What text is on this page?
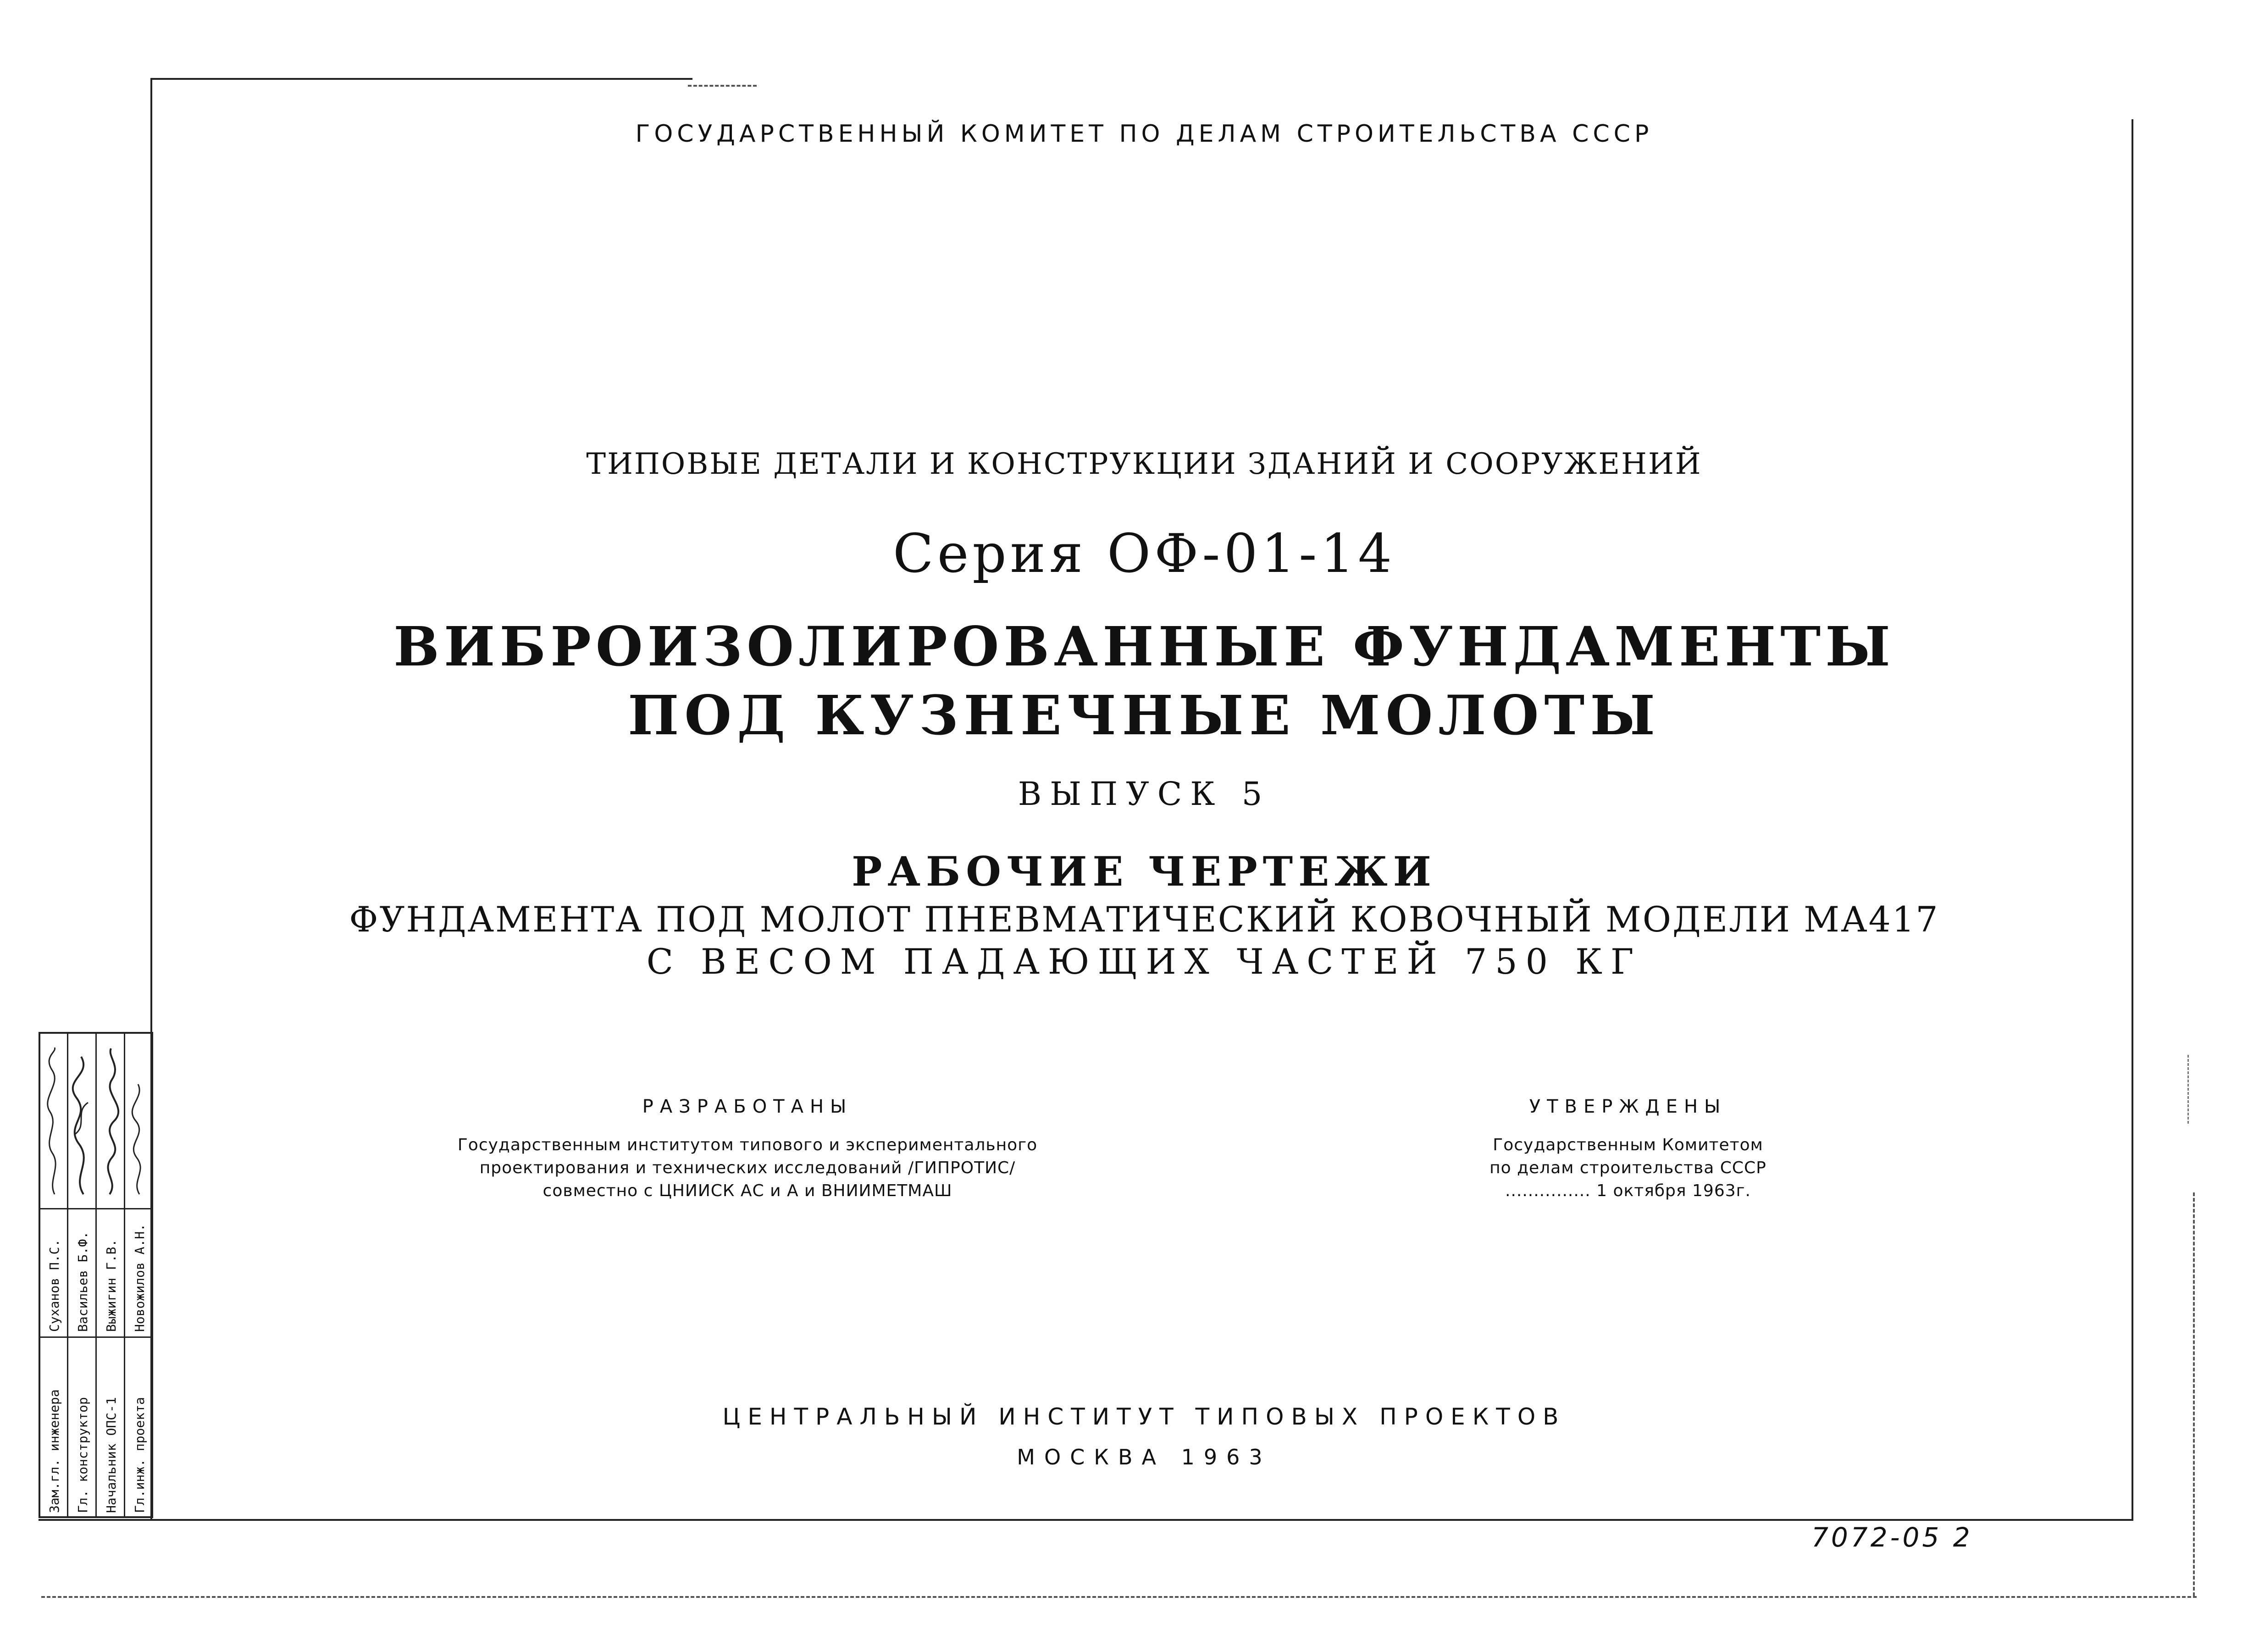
ГОСУДАРСТВЕННЫЙ КОМИТЕТ ПО ДЕЛАМ СТРОИТЕЛЬСТВА СССР
ТИПОВЫЕ ДЕТАЛИ И КОНСТРУКЦИИ ЗДАНИЙ И СООРУЖЕНИЙ
Серия ОФ-01-14
ВИБРОИЗОЛИРОВАННЫЕ ФУНДАМЕНТЫ
ПОД КУЗНЕЧНЫЕ МОЛОТЫ
ВЫПУСК 5
РАБОЧИЕ ЧЕРТЕЖИ
ФУНДАМЕНТА ПОД МОЛОТ ПНЕВМАТИЧЕСКИЙ КОВОЧНЫЙ МОДЕЛИ МА417
С ВЕСОМ ПАДАЮЩИХ ЧАСТЕЙ 750 КГ
РАЗРАБОТАНЫ
Государственным институтом типового и экспериментального
проектирования и технических исследований /ГИПРОТИС/
совместно с ЦНИИСК АС и А и ВНИИМЕТМАШ
УТВЕРЖДЕНЫ
Государственным Комитетом
по делам строительства СССР
............... 1 октября 1963г.
ЦЕНТРАЛЬНЫЙ ИНСТИТУТ ТИПОВЫХ ПРОЕКТОВ
МОСКВА 1963
7072-05 2
Зам.гл. инженера
Суханов П.С.
Гл. конструктор
Васильев Б.Ф.
Начальник ОПС-1
Выжигин Г.В.
Гл.инж. проекта
Новожилов А.Н.
